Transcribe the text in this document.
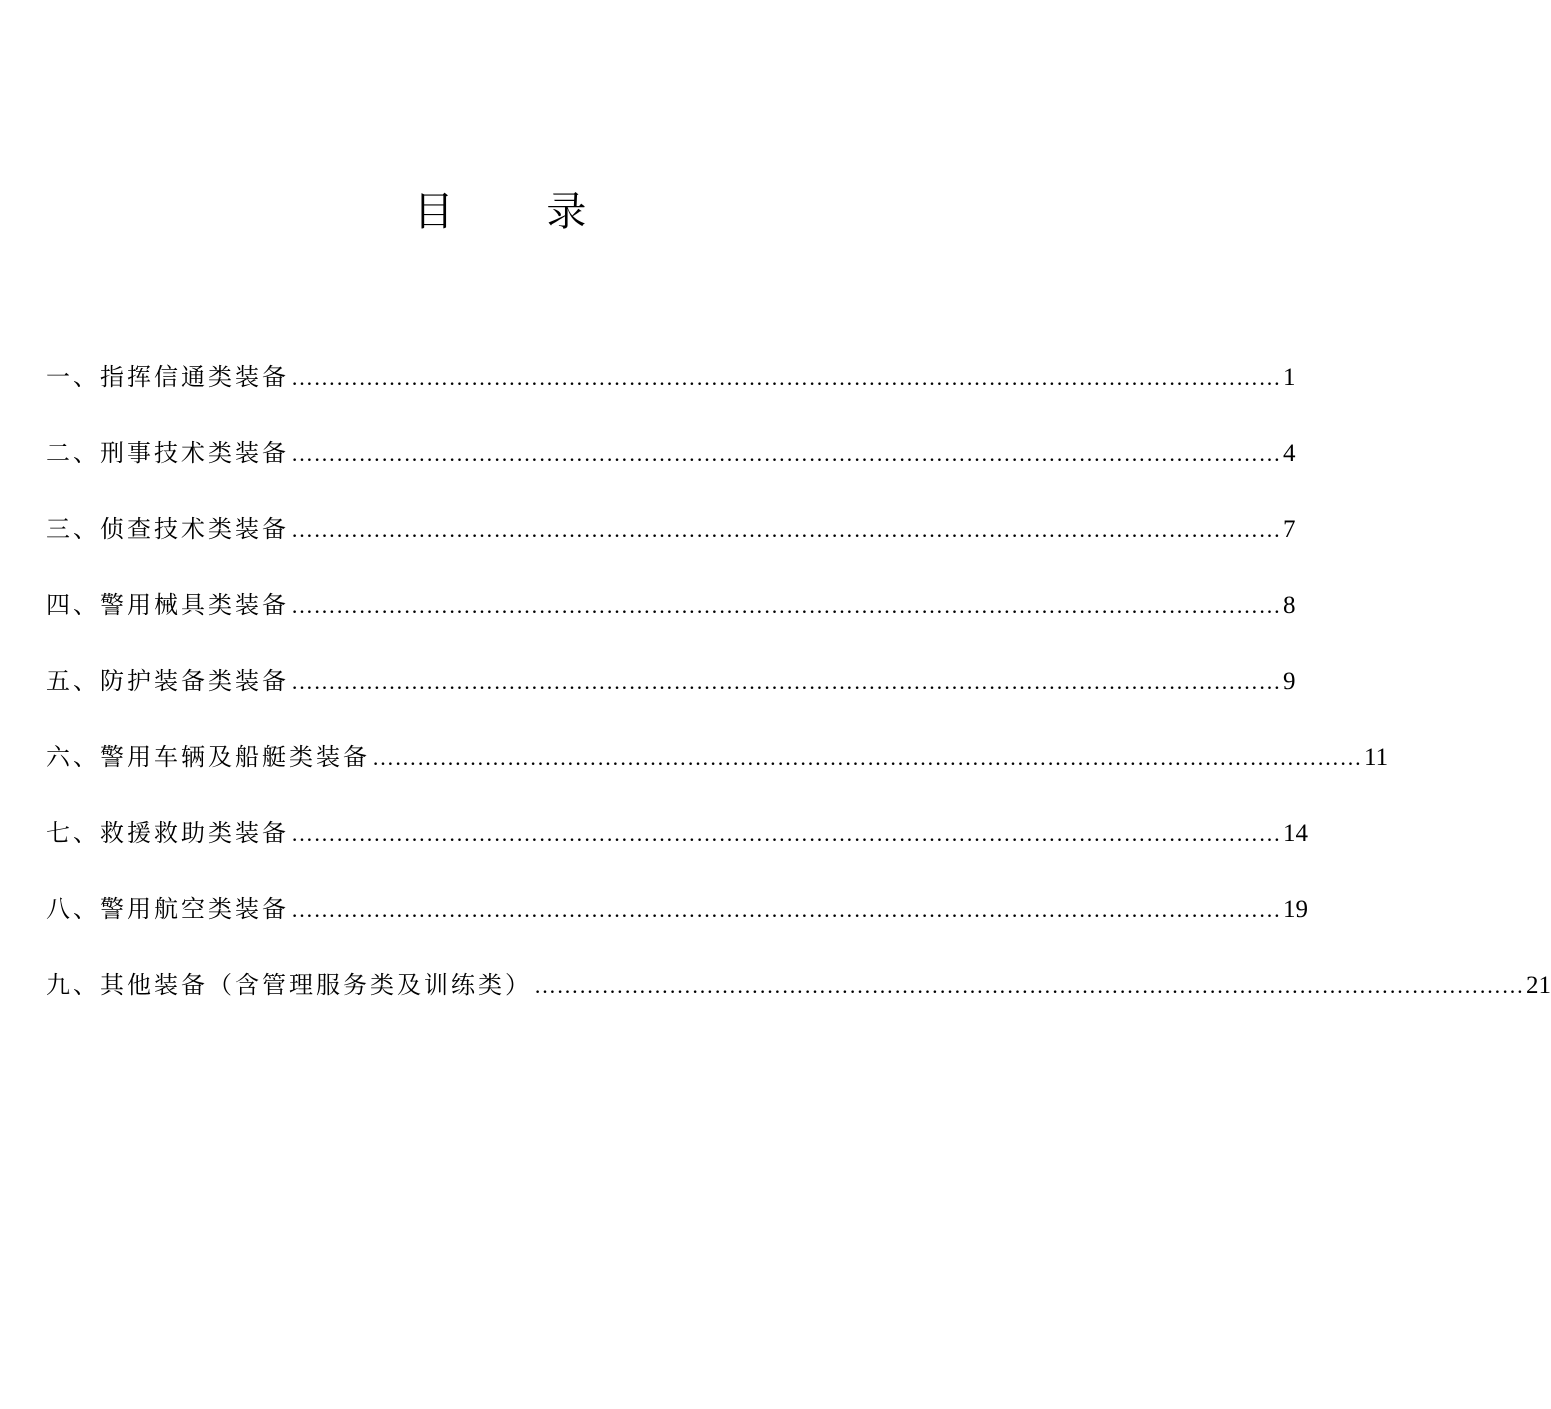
目 录
一、指挥信通类装备 …………………………………………………………………………………………………………………… 1
二、刑事技术类装备 …………………………………………………………………………………………………………………… 4
三、侦查技术类装备 …………………………………………………………………………………………………………………… 7
四、警用械具类装备 …………………………………………………………………………………………………………………… 8
五、防护装备类装备 …………………………………………………………………………………………………………………… 9
六、警用车辆及船艇类装备 …………………………………………………………………………………………………………………… 11
七、救援救助类装备 …………………………………………………………………………………………………………………… 14
八、警用航空类装备 …………………………………………………………………………………………………………………… 19
九、其他装备（含管理服务类及训练类） …………………………………………………………………………………………………………………… 21
